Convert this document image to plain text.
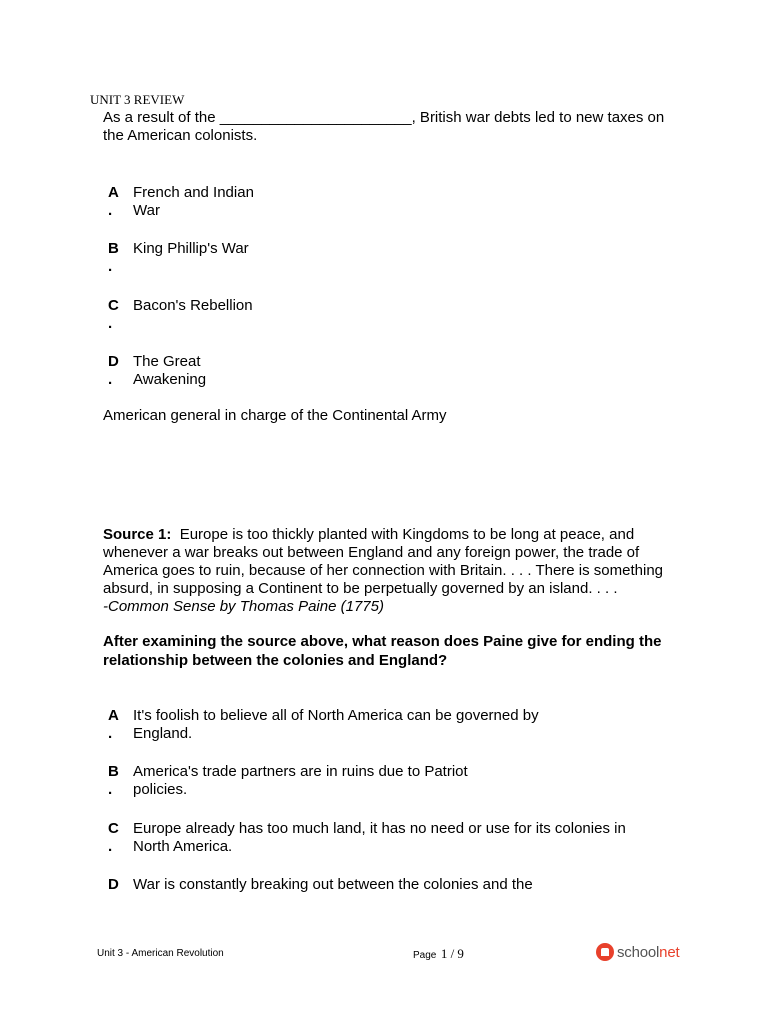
UNIT 3 REVIEW
As a result of the _______________________, British war debts led to new taxes on
the American colonists.
A
.
French and Indian War
B
.
King Phillip's War
C
.
Bacon's Rebellion
D
.
The Great Awakening
American general in charge of the Continental Army
Source 1: Europe is too thickly planted with Kingdoms to be long at peace, and whenever a war breaks out between England and any foreign power, the trade of America goes to ruin, because of her connection with Britain. . . . There is something absurd, in supposing a Continent to be perpetually governed by an island. . . .
-Common Sense by Thomas Paine (1775)
After examining the source above, what reason does Paine give for ending the relationship between the colonies and England?
A
.
It's foolish to believe all of North America can be governed by
England.
B
.
America's trade partners are in ruins due to Patriot
policies.
C
.
Europe already has too much land, it has no need or use for its colonies in
North America.
D War is constantly breaking out between the colonies and the
Unit 3 - American Revolution	Page 1 / 9	schoolnet
